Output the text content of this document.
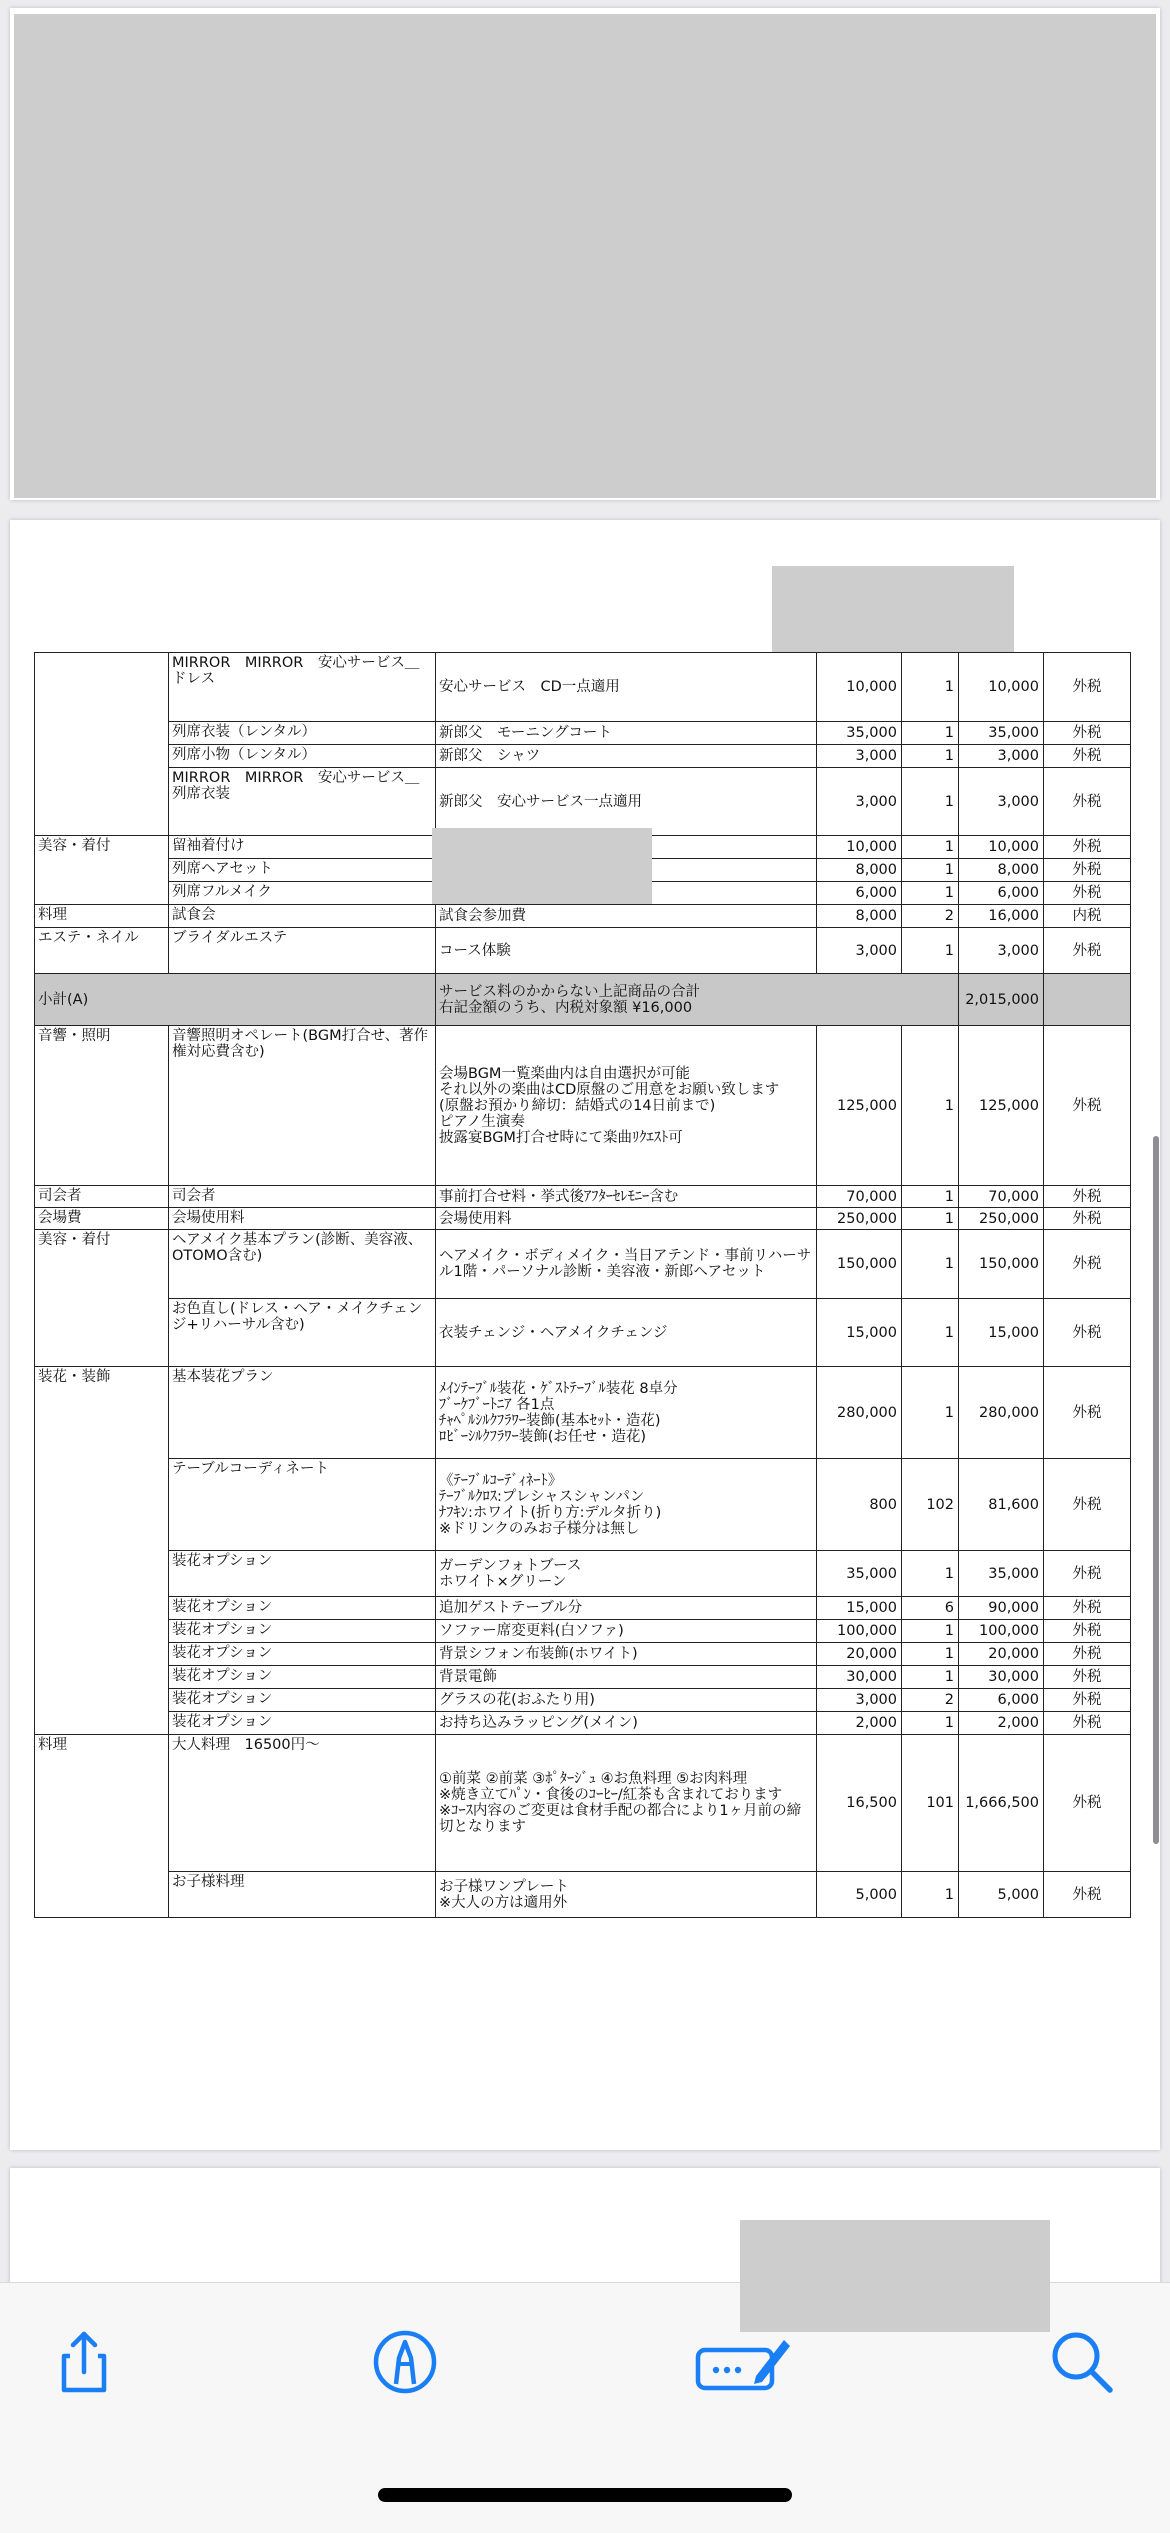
	MIRROR　MIRROR　安心サービス＿ドレス	安心サービス　CD一点適用	10,000	1	10,000	外税
	列席衣装（レンタル）	新郎父　モーニングコート	35,000	1	35,000	外税
	列席小物（レンタル）	新郎父　シャツ	3,000	1	3,000	外税
	MIRROR　MIRROR　安心サービス＿列席衣装	新郎父　安心サービス一点適用	3,000	1	3,000	外税
美容・着付	留袖着付け		10,000	1	10,000	外税
	列席ヘアセット		8,000	1	8,000	外税
	列席フルメイク		6,000	1	6,000	外税
料理	試食会	試食会参加費	8,000	2	16,000	内税
エステ・ネイル	ブライダルエステ	コース体験	3,000	1	3,000	外税
小計(A)		サービス料のかからない上記商品の合計
右記金額のうち、内税対象額 ¥16,000			2,015,000	
音響・照明	音響照明オペレート(BGM打合せ、著作権対応費含む)	会場BGM一覧楽曲内は自由選択が可能
それ以外の楽曲はCD原盤のご用意をお願い致します
(原盤お預かり締切：結婚式の14日前まで)
ピアノ生演奏
披露宴BGM打合せ時にて楽曲ﾘｸｴｽﾄ可	125,000	1	125,000	外税
司会者	司会者	事前打合せ料・挙式後ｱﾌﾀｰｾﾚﾓﾆｰ含む	70,000	1	70,000	外税
会場費	会場使用料	会場使用料	250,000	1	250,000	外税
美容・着付	ヘアメイク基本プラン(診断、美容液、OTOMO含む)	ヘアメイク・ボディメイク・当日アテンド・事前リハーサル1階・パーソナル診断・美容液・新郎ヘアセット	150,000	1	150,000	外税
	お色直し(ドレス・ヘア・メイクチェンジ+リハーサル含む)	衣装チェンジ・ヘアメイクチェンジ	15,000	1	15,000	外税
装花・装飾	基本装花プラン	ﾒｲﾝﾃｰﾌﾞﾙ装花・ｹﾞｽﾄﾃｰﾌﾞﾙ装花 8卓分
ﾌﾞｰｹﾌﾞｰﾄﾆｱ 各1点
ﾁｬﾍﾟﾙｼﾙｸﾌﾗﾜｰ装飾(基本ｾｯﾄ・造花)
ﾛﾋﾞｰｼﾙｸﾌﾗﾜｰ装飾(お任せ・造花)	280,000	1	280,000	外税
	テーブルコーディネート	《ﾃｰﾌﾞﾙｺｰﾃﾞｨﾈｰﾄ》
ﾃｰﾌﾞﾙｸﾛｽ:プレシャスシャンパン
ﾅﾌｷﾝ:ホワイト(折り方:デルタ折り)
※ドリンクのみお子様分は無し	800	102	81,600	外税
	装花オプション	ガーデンフォトブース
ホワイト×グリーン	35,000	1	35,000	外税
	装花オプション	追加ゲストテーブル分	15,000	6	90,000	外税
	装花オプション	ソファー席変更料(白ソファ)	100,000	1	100,000	外税
	装花オプション	背景シフォン布装飾(ホワイト)	20,000	1	20,000	外税
	装花オプション	背景電飾	30,000	1	30,000	外税
	装花オプション	グラスの花(おふたり用)	3,000	2	6,000	外税
	装花オプション	お持ち込みラッピング(メイン)	2,000	1	2,000	外税
料理	大人料理　16500円〜	①前菜 ②前菜 ③ﾎﾟﾀｰｼﾞｭ ④お魚料理 ⑤お肉料理
※焼き立てﾊﾟﾝ・食後のｺｰﾋｰ/紅茶も含まれております
※ｺｰｽ内容のご変更は食材手配の都合により1ヶ月前の締切となります	16,500	101	1,666,500	外税
	お子様料理	お子様ワンプレート
※大人の方は適用外	5,000	1	5,000	外税
